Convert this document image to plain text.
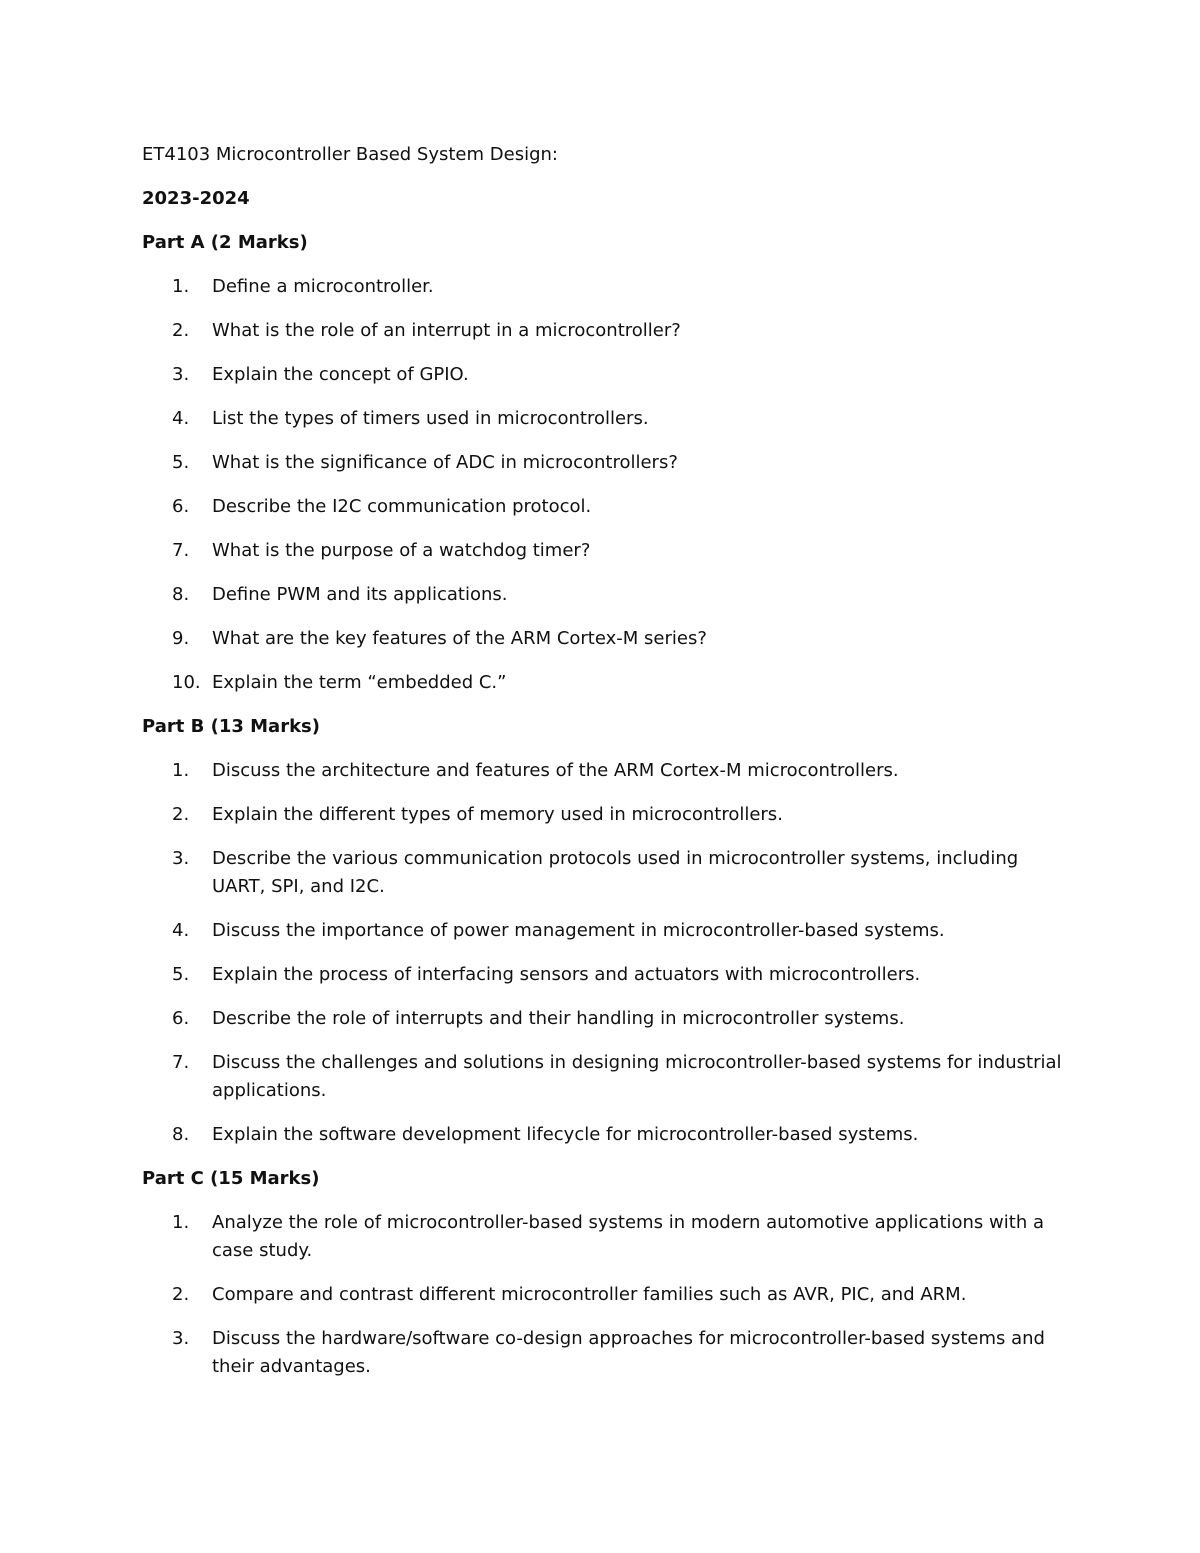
ET4103 Microcontroller Based System Design:
2023-2024
Part A (2 Marks)
1.	Define a microcontroller.
2.	What is the role of an interrupt in a microcontroller?
3.	Explain the concept of GPIO.
4.	List the types of timers used in microcontrollers.
5.	What is the significance of ADC in microcontrollers?
6.	Describe the I2C communication protocol.
7.	What is the purpose of a watchdog timer?
8.	Define PWM and its applications.
9.	What are the key features of the ARM Cortex-M series?
10. Explain the term “embedded C.”
Part B (13 Marks)
1.	Discuss the architecture and features of the ARM Cortex-M microcontrollers.
2.	Explain the different types of memory used in microcontrollers.
3.	Describe the various communication protocols used in microcontroller systems, including UART, SPI, and I2C.
4.	Discuss the importance of power management in microcontroller-based systems.
5.	Explain the process of interfacing sensors and actuators with microcontrollers.
6.	Describe the role of interrupts and their handling in microcontroller systems.
7.	Discuss the challenges and solutions in designing microcontroller-based systems for industrial applications.
8.	Explain the software development lifecycle for microcontroller-based systems.
Part C (15 Marks)
1.	Analyze the role of microcontroller-based systems in modern automotive applications with a case study.
2.	Compare and contrast different microcontroller families such as AVR, PIC, and ARM.
3.	Discuss the hardware/software co-design approaches for microcontroller-based systems and their advantages.
